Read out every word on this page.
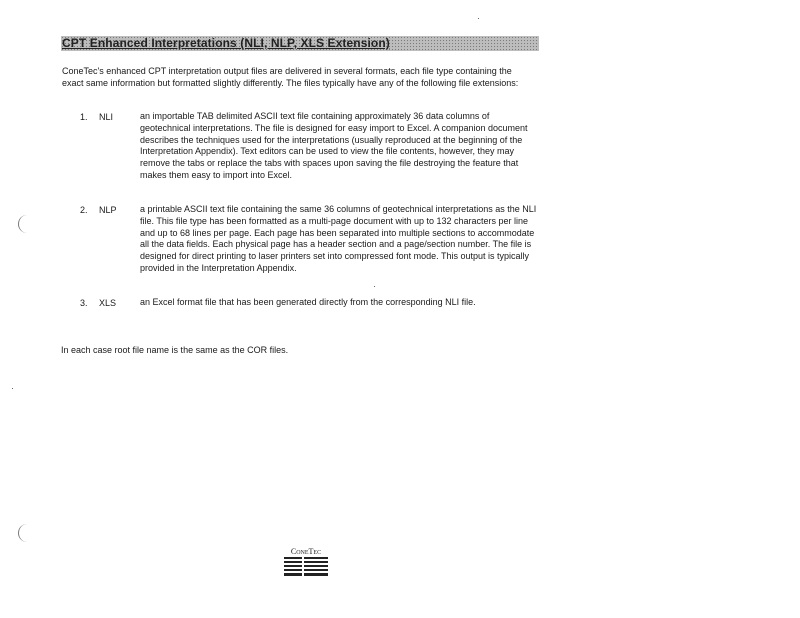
CPT Enhanced Interpretations (NLI, NLP, XLS Extension)
ConeTec's enhanced CPT interpretation output files are delivered in several formats, each file type containing the exact same information but formatted slightly differently. The files typically have any of the following file extensions:
1. NLI	an importable TAB delimited ASCII text file containing approximately 36 data columns of geotechnical interpretations. The file is designed for easy import to Excel. A companion document describes the techniques used for the interpretations (usually reproduced at the beginning of the Interpretation Appendix). Text editors can be used to view the file contents, however, they may remove the tabs or replace the tabs with spaces upon saving the file destroying the feature that makes them easy to import into Excel.
2. NLP	a printable ASCII text file containing the same 36 columns of geotechnical interpretations as the NLI file. This file type has been formatted as a multi-page document with up to 132 characters per line and up to 68 lines per page. Each page has been separated into multiple sections to accommodate all the data fields. Each physical page has a header section and a page/section number. The file is designed for direct printing to laser printers set into compressed font mode. This output is typically provided in the Interpretation Appendix.
3. XLS	an Excel format file that has been generated directly from the corresponding NLI file.
In each case root file name is the same as the COR files.
ConeTec
